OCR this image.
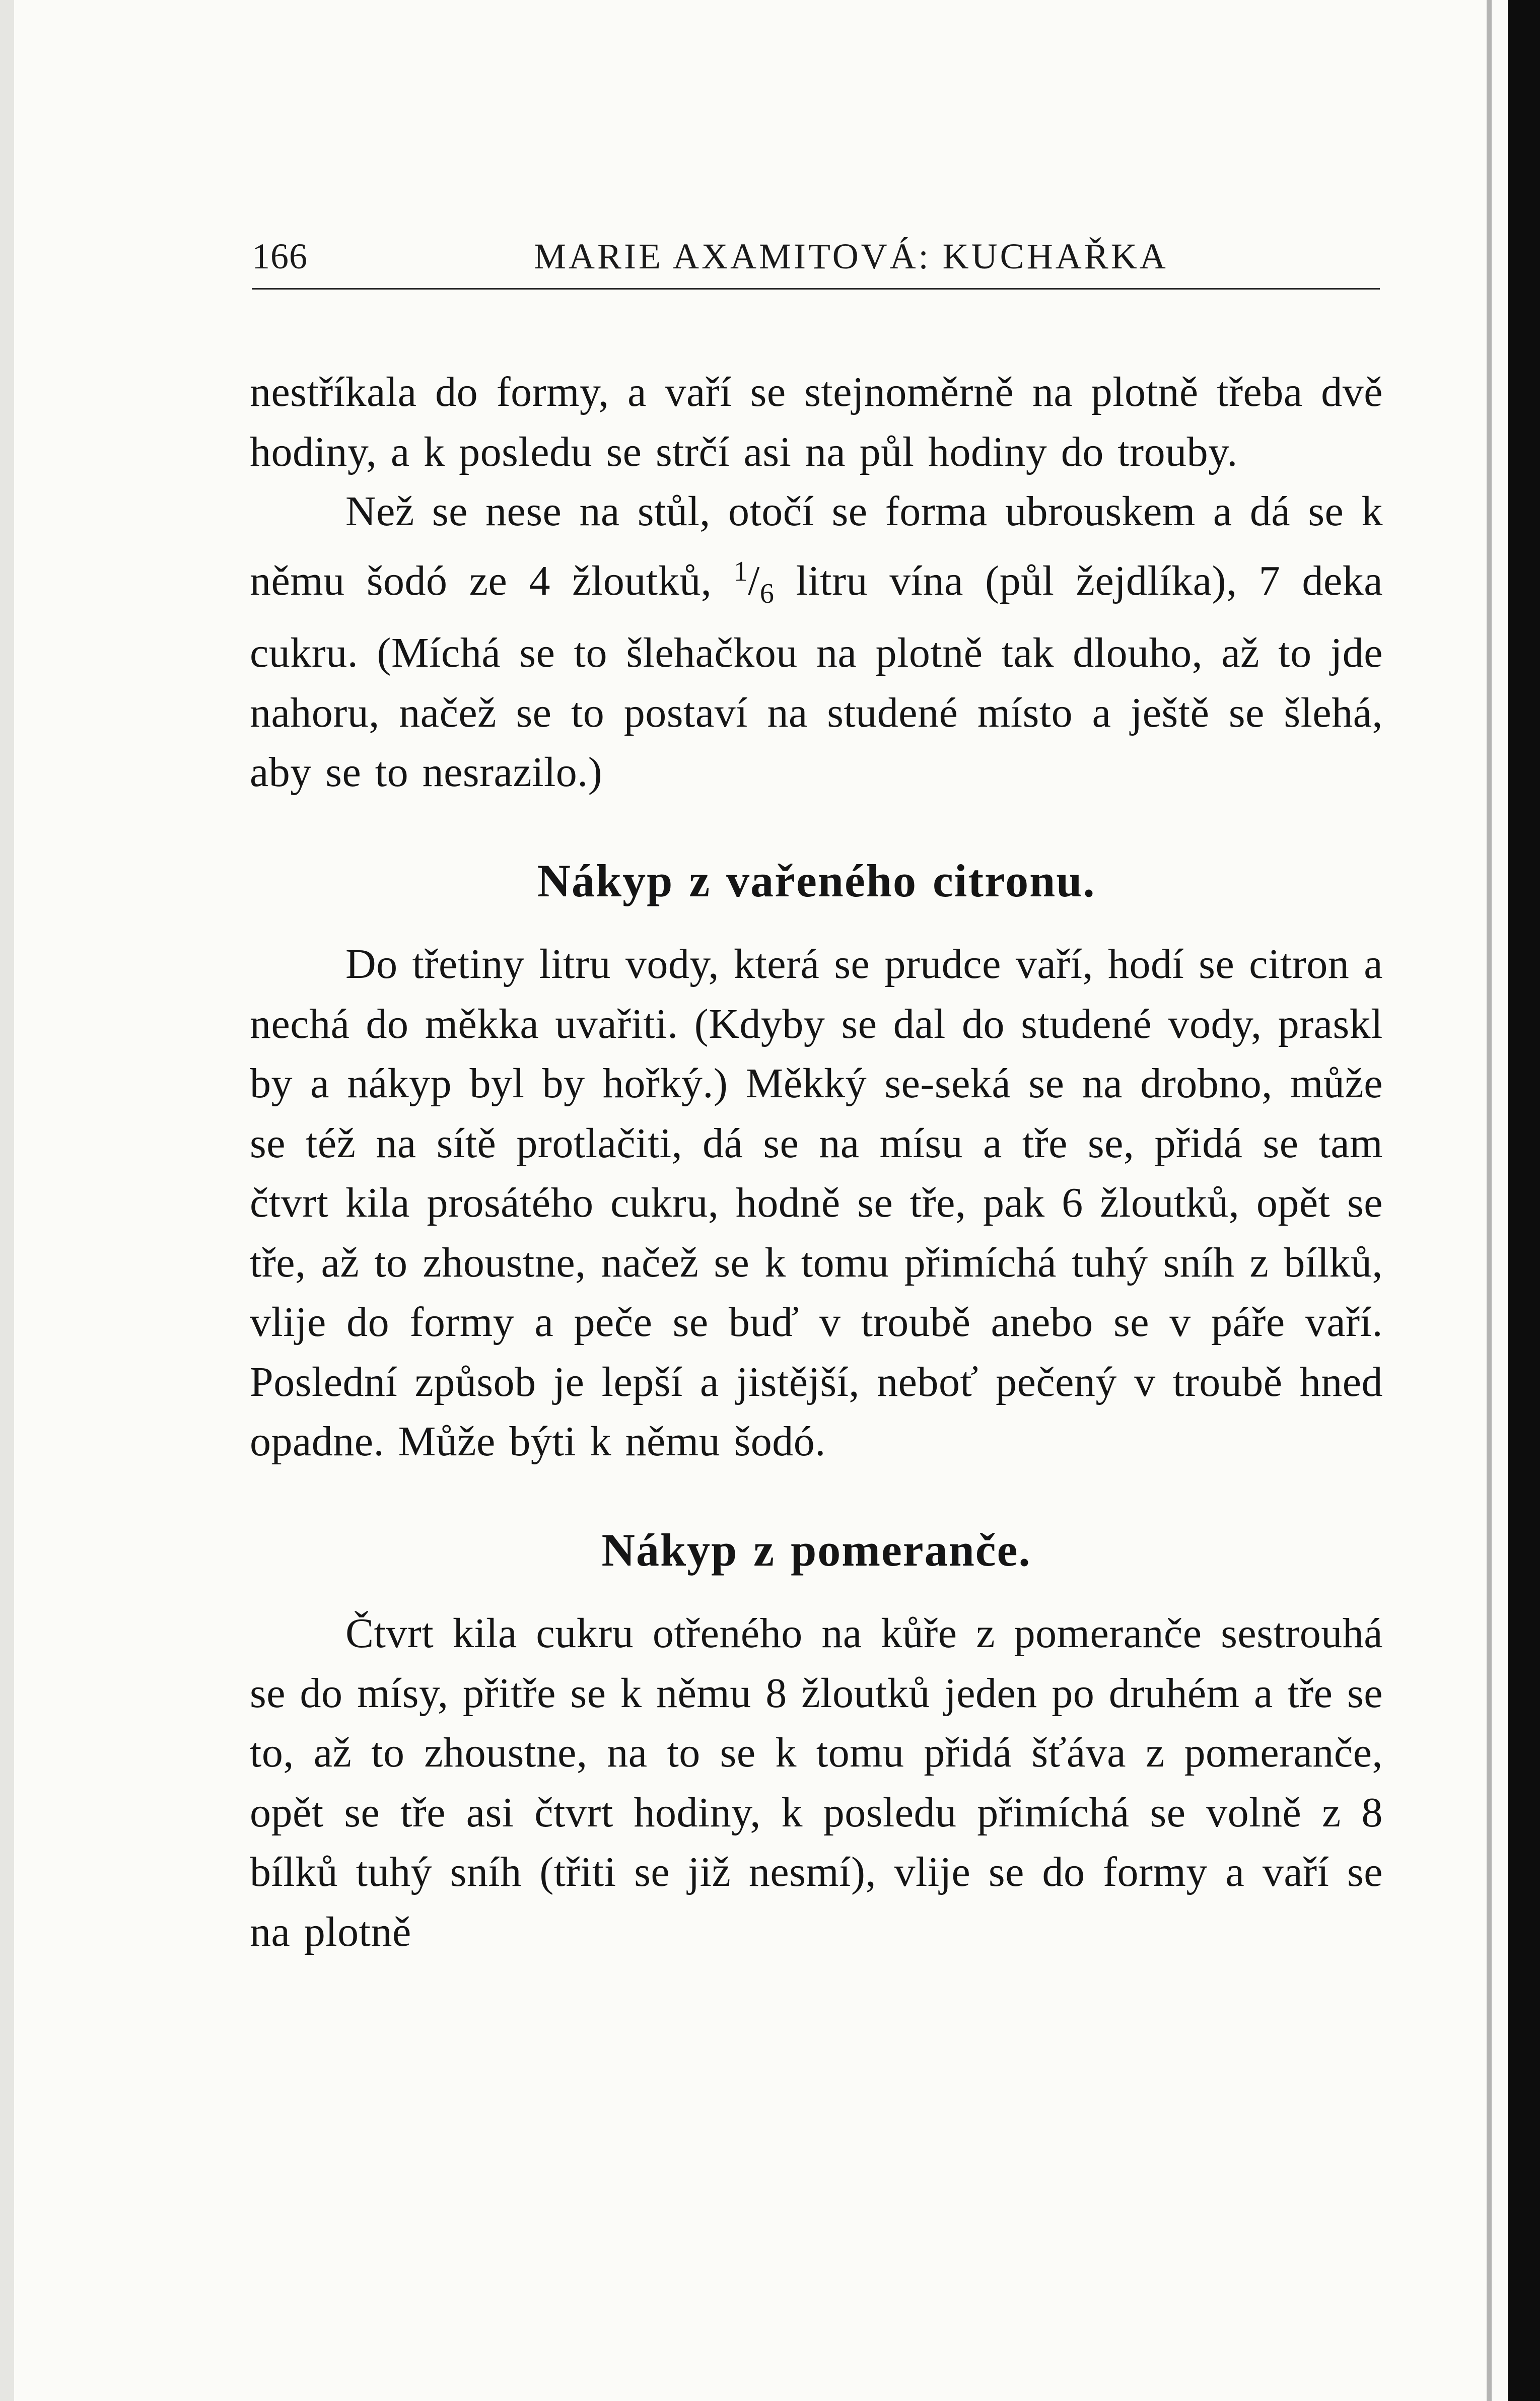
166	MARIE AXAMITOVÁ: KUCHAŘKA

nestříkala do formy, a vaří se stejnoměrně na plotně třeba dvě hodiny, a k posledu se strčí asi na půl hodiny do trouby.

Než se nese na stůl, otočí se forma ubrouskem a dá se k němu šodó ze 4 žloutků, $^1/_6$ litru vína (půl žejdlíka), 7 deka cukru. (Míchá se to šlehačkou na plotně tak dlouho, až to jde nahoru, načež se to postaví na studené místo a ještě se šlehá, aby se to nesrazilo.)

Nákyp z vařeného citronu.

Do třetiny litru vody, která se prudce vaří, hodí se citron a nechá do měkka uvařiti. (Kdyby se dal do studené vody, praskl by a nákyp byl by hořký.) Měkký se-seká se na drobno, může se též na sítě protlačiti, dá se na mísu a tře se, přidá se tam čtvrt kila prosátého cukru, hodně se tře, pak 6 žloutků, opět se tře, až to zhoustne, načež se k tomu přimíchá tuhý sníh z bílků, vlije do formy a peče se buď v troubě anebo se v páře vaří. Poslední způsob je lepší a jistější, neboť pečený v troubě hned opadne. Může býti k němu šodó.

Nákyp z pomeranče.

Čtvrt kila cukru otřeného na kůře z pomeranče sestrouhá se do mísy, přitře se k němu 8 žloutků jeden po druhém a tře se to, až to zhoustne, na to se k tomu přidá šťáva z pomeranče, opět se tře asi čtvrt hodiny, k posledu přimíchá se volně z 8 bílků tuhý sníh (třiti se již nesmí), vlije se do formy a vaří se na plotně
